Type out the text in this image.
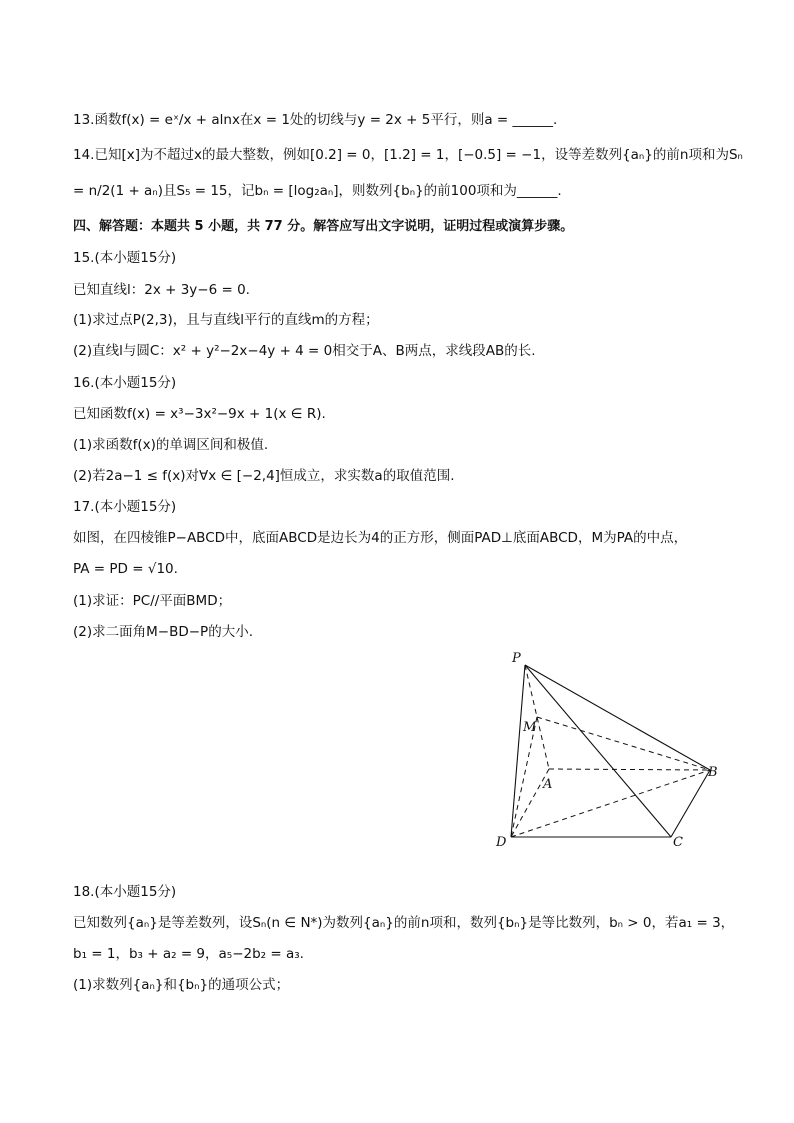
13.函数f(x) = eˣ/x + alnx在x = 1处的切线与y = 2x + 5平行，则a = ______.
14.已知[x]为不超过x的最大整数，例如[0.2] = 0，[1.2] = 1，[−0.5] = −1，设等差数列{aₙ}的前n项和为Sₙ
= n/2(1 + aₙ)且S₅ = 15，记bₙ = [log₂aₙ]，则数列{bₙ}的前100项和为______.
四、解答题：本题共 5 小题，共 77 分。解答应写出文字说明，证明过程或演算步骤。
15.(本小题15分)
已知直线l：2x + 3y−6 = 0.
(1)求过点P(2,3)，且与直线l平行的直线m的方程；
(2)直线l与圆C：x² + y²−2x−4y + 4 = 0相交于A、B两点，求线段AB的长.
16.(本小题15分)
已知函数f(x) = x³−3x²−9x + 1(x ∈ R).
(1)求函数f(x)的单调区间和极值.
(2)若2a−1 ≤ f(x)对∀x ∈ [−2,4]恒成立，求实数a的取值范围.
17.(本小题15分)
如图，在四棱锥P−ABCD中，底面ABCD是边长为4的正方形，侧面PAD⊥底面ABCD，M为PA的中点，
PA = PD = √10.
(1)求证：PC//平面BMD；
(2)求二面角M−BD−P的大小.
P
M
A
B
C
D
18.(本小题15分)
已知数列{aₙ}是等差数列，设Sₙ(n ∈ N*)为数列{aₙ}的前n项和，数列{bₙ}是等比数列，bₙ > 0，若a₁ = 3，
b₁ = 1，b₃ + a₂ = 9，a₅−2b₂ = a₃.
(1)求数列{aₙ}和{bₙ}的通项公式；
